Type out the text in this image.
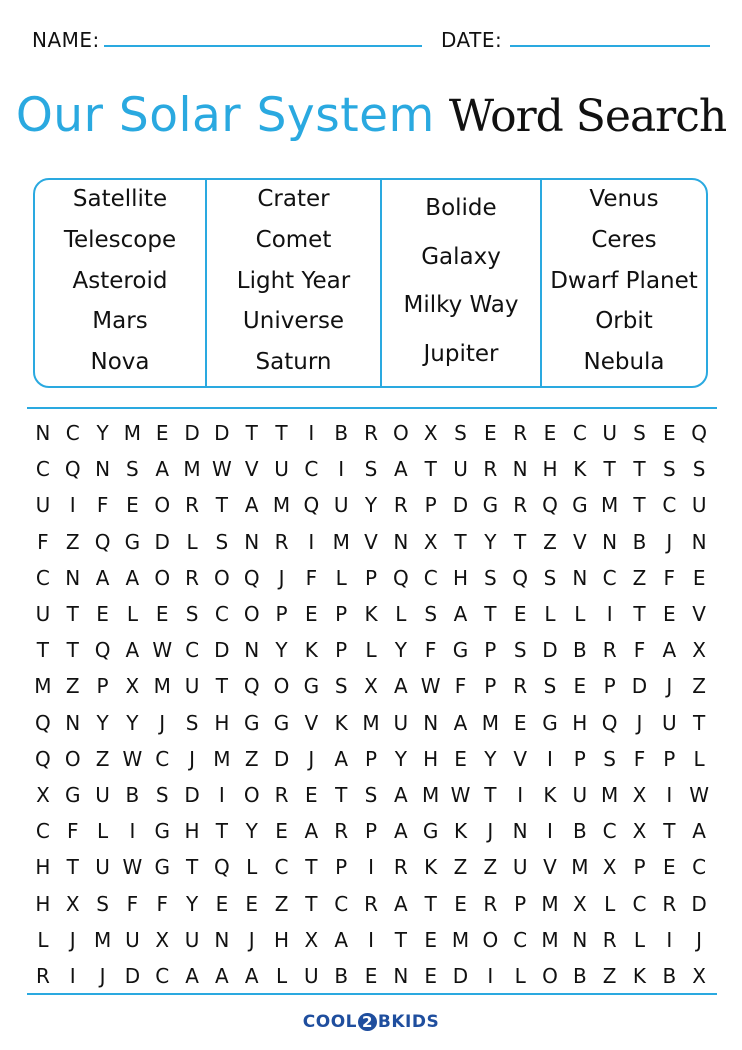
NAME:	DATE:
Our Solar System Word Search
Satellite
Telescope
Asteroid
Mars
Nova
Crater
Comet
Light Year
Universe
Saturn
Bolide
Galaxy
Milky Way
Jupiter
Venus
Ceres
Dwarf Planet
Orbit
Nebula
N C Y M E D D T T	I	B R O X S E R E C U S E Q
C Q N S A M W V U C I	S A T U R N H K T T S S
U I	F E O R T A M Q U Y R P D G R Q G M T C U
F Z Q G D L S N R I M V N X T Y T Z V N B	J N
C N A A O R O Q J	F L P Q C H S Q S N C Z F E
U T E L E S C O P E P K L S A T E L L	I	T E V
T T Q A W C D N Y K P L Y F G P S D B R F A X
M Z P X M U T Q O G S X A W F P R S E P D J	Z
Q N Y Y	J	S H G G V K M U N A M E G H Q J U T
Q O Z W C J M Z D J	A P Y H E Y V	I	P S F P L
X G U B S D I O R E T S A M W T	I	K U M X	I W
C F L	I G H T Y E A R P A G K	J N I	B C X T A
H T U W G T Q L C T P	I R K Z Z U V M X P E C
H X S F F Y E E Z T C R A T E R P M X L C R D
L	J M U X U N J H X A	I	T E M O C M N R L	I	J
R I	J D C A A A L U B E N E D I	L O B Z K B X
COOL 2 BKIDS
